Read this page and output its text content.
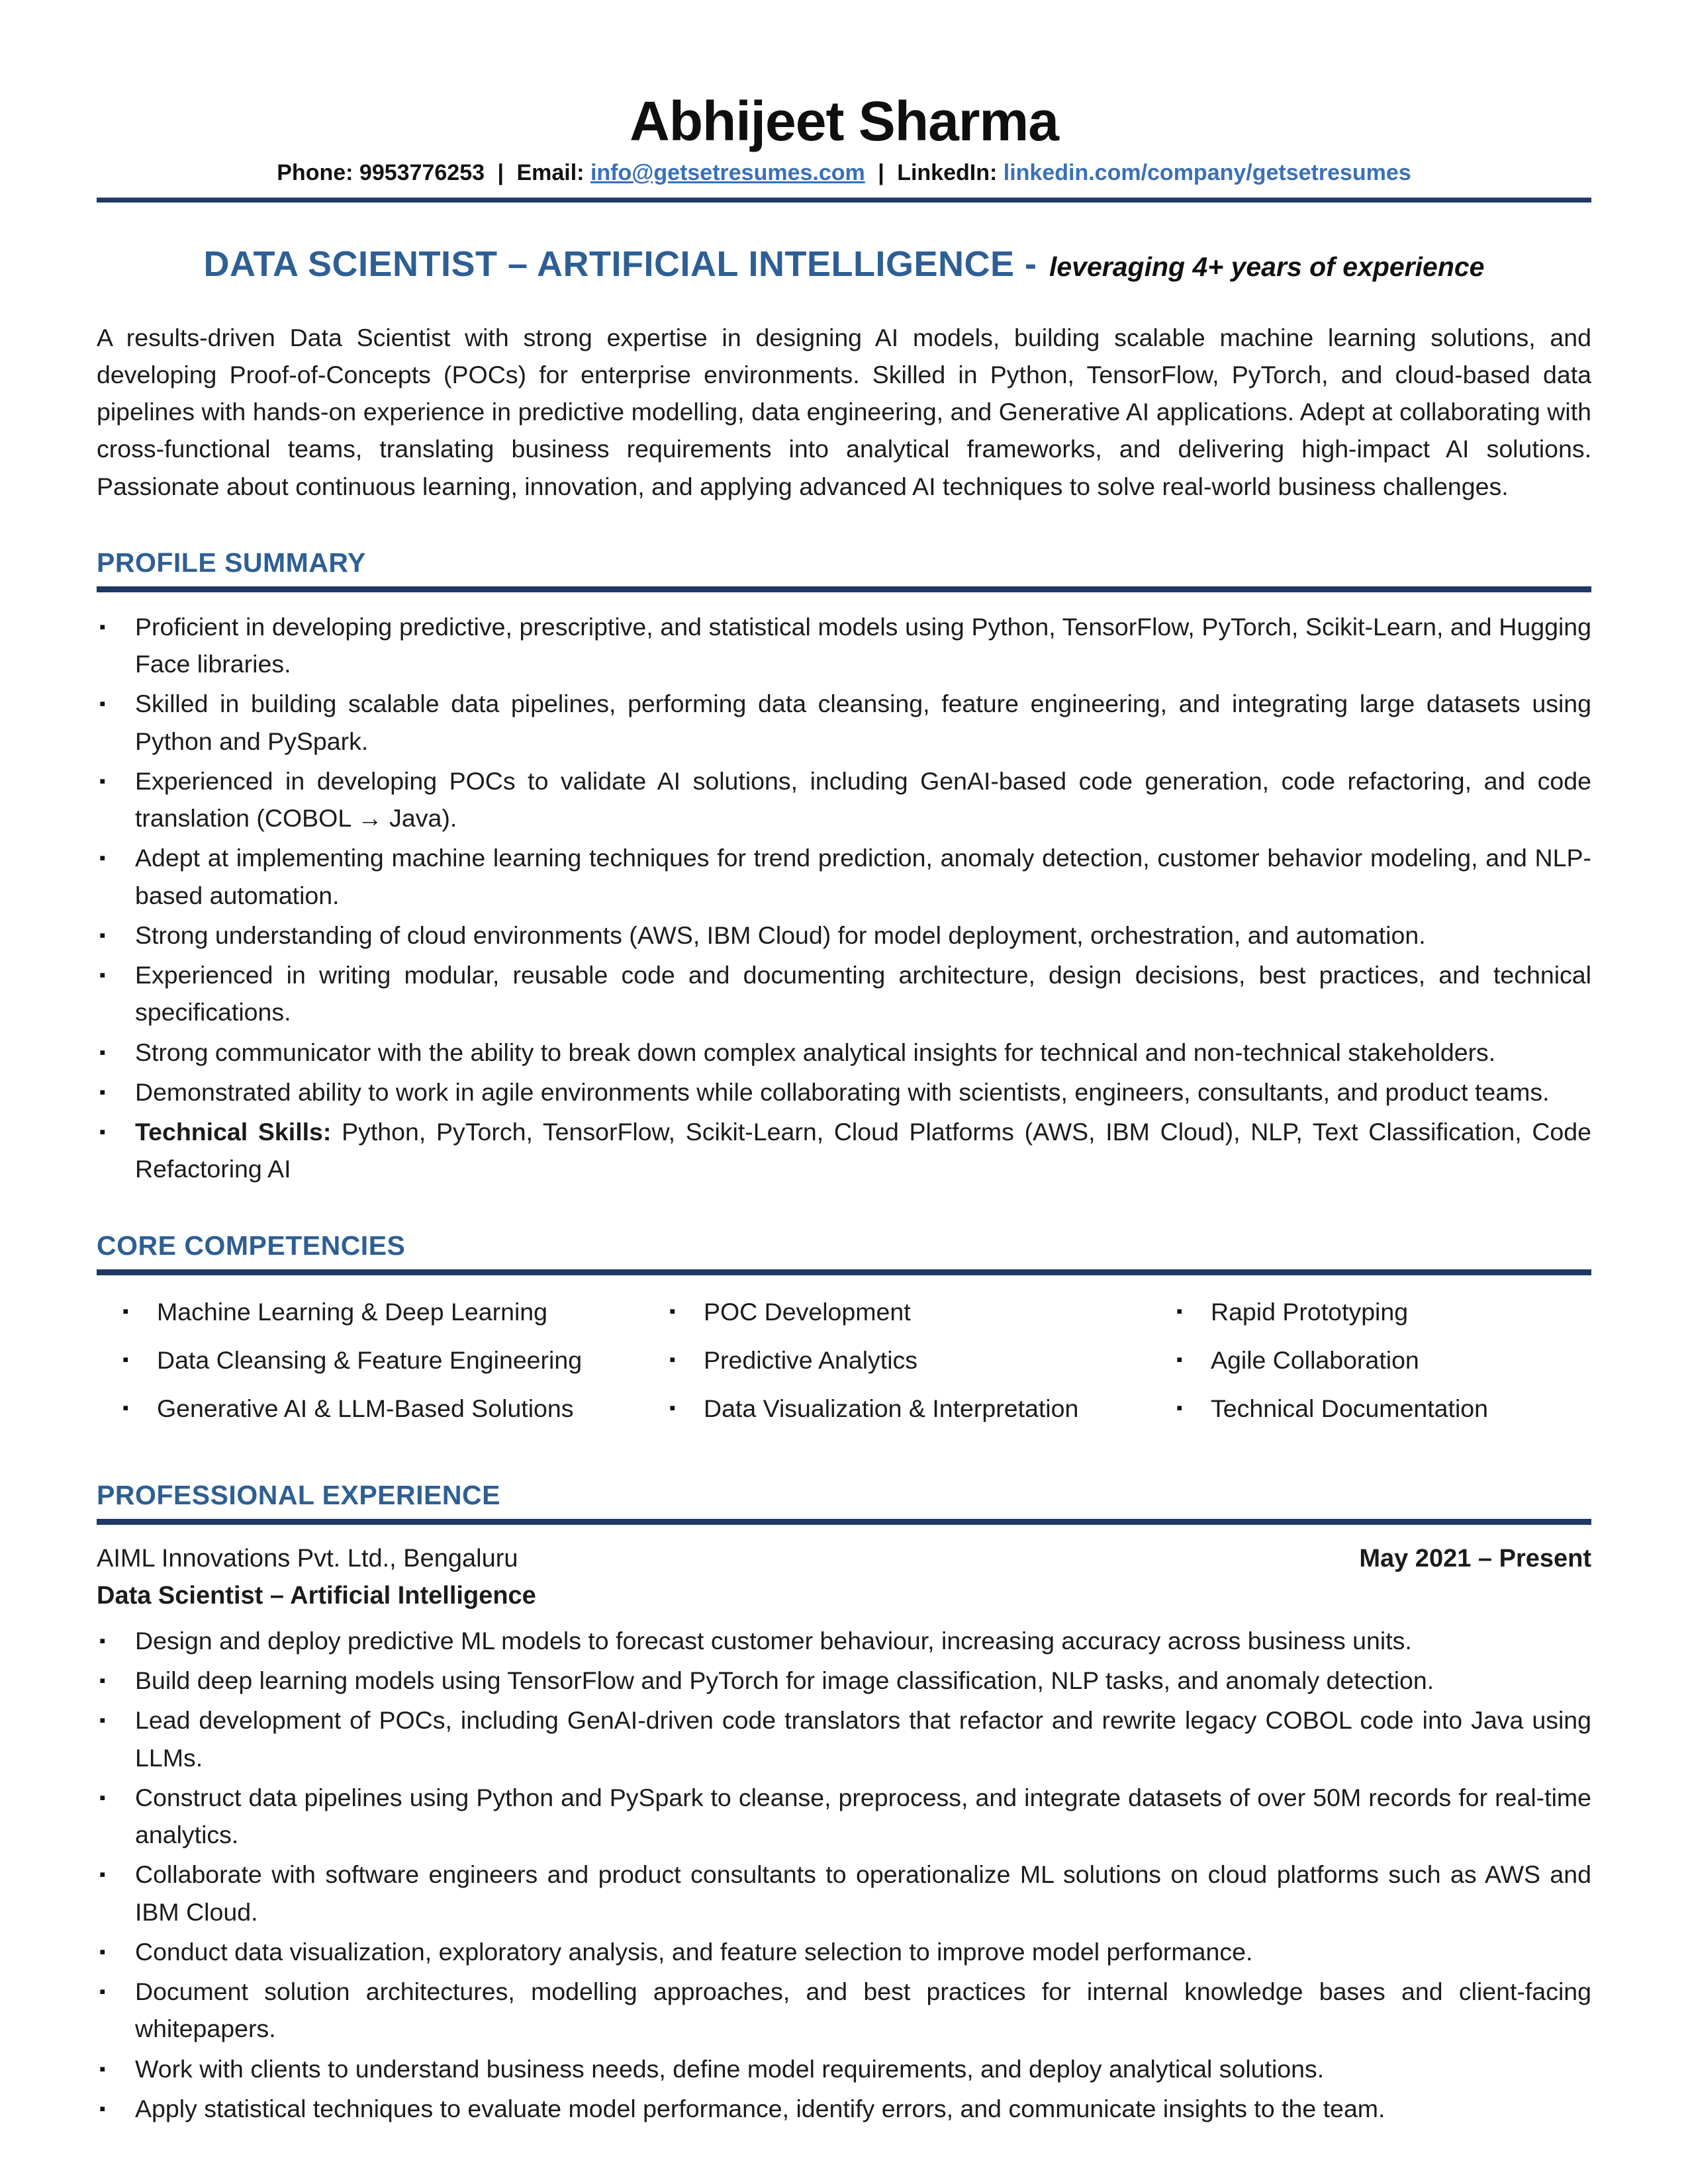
Abhijeet Sharma
Phone: 9953776253 | Email: info@getsetresumes.com | LinkedIn: linkedin.com/company/getsetresumes
DATA SCIENTIST – ARTIFICIAL INTELLIGENCE - leveraging 4+ years of experience

A results-driven Data Scientist with strong expertise in designing AI models, building scalable machine learning solutions, and developing Proof-of-Concepts (POCs) for enterprise environments. Skilled in Python, TensorFlow, PyTorch, and cloud-based data pipelines with hands-on experience in predictive modelling, data engineering, and Generative AI applications. Adept at collaborating with cross-functional teams, translating business requirements into analytical frameworks, and delivering high-impact AI solutions. Passionate about continuous learning, innovation, and applying advanced AI techniques to solve real-world business challenges.

PROFILE SUMMARY
▪ Proficient in developing predictive, prescriptive, and statistical models using Python, TensorFlow, PyTorch, Scikit-Learn, and Hugging Face libraries.
▪ Skilled in building scalable data pipelines, performing data cleansing, feature engineering, and integrating large datasets using Python and PySpark.
▪ Experienced in developing POCs to validate AI solutions, including GenAI-based code generation, code refactoring, and code translation (COBOL → Java).
▪ Adept at implementing machine learning techniques for trend prediction, anomaly detection, customer behavior modeling, and NLP-based automation.
▪ Strong understanding of cloud environments (AWS, IBM Cloud) for model deployment, orchestration, and automation.
▪ Experienced in writing modular, reusable code and documenting architecture, design decisions, best practices, and technical specifications.
▪ Strong communicator with the ability to break down complex analytical insights for technical and non-technical stakeholders.
▪ Demonstrated ability to work in agile environments while collaborating with scientists, engineers, consultants, and product teams.
▪ Technical Skills: Python, PyTorch, TensorFlow, Scikit-Learn, Cloud Platforms (AWS, IBM Cloud), NLP, Text Classification, Code Refactoring AI
CORE COMPETENCIES
▪ Machine Learning & Deep Learning
▪ Data Cleansing & Feature Engineering
▪ Generative AI & LLM-Based Solutions
▪ POC Development
▪ Predictive Analytics
▪ Data Visualization & Interpretation
▪ Rapid Prototyping
▪ Agile Collaboration
▪ Technical Documentation
PROFESSIONAL EXPERIENCE
AIML Innovations Pvt. Ltd., Bengaluru	May 2021 – Present
Data Scientist – Artificial Intelligence
▪ Design and deploy predictive ML models to forecast customer behaviour, increasing accuracy across business units.
▪ Build deep learning models using TensorFlow and PyTorch for image classification, NLP tasks, and anomaly detection.
▪ Lead development of POCs, including GenAI-driven code translators that refactor and rewrite legacy COBOL code into Java using LLMs.
▪ Construct data pipelines using Python and PySpark to cleanse, preprocess, and integrate datasets of over 50M records for real-time analytics.
▪ Collaborate with software engineers and product consultants to operationalize ML solutions on cloud platforms such as AWS and IBM Cloud.
▪ Conduct data visualization, exploratory analysis, and feature selection to improve model performance.
▪ Document solution architectures, modelling approaches, and best practices for internal knowledge bases and client-facing whitepapers.
▪ Work with clients to understand business needs, define model requirements, and deploy analytical solutions.
▪ Apply statistical techniques to evaluate model performance, identify errors, and communicate insights to the team.
